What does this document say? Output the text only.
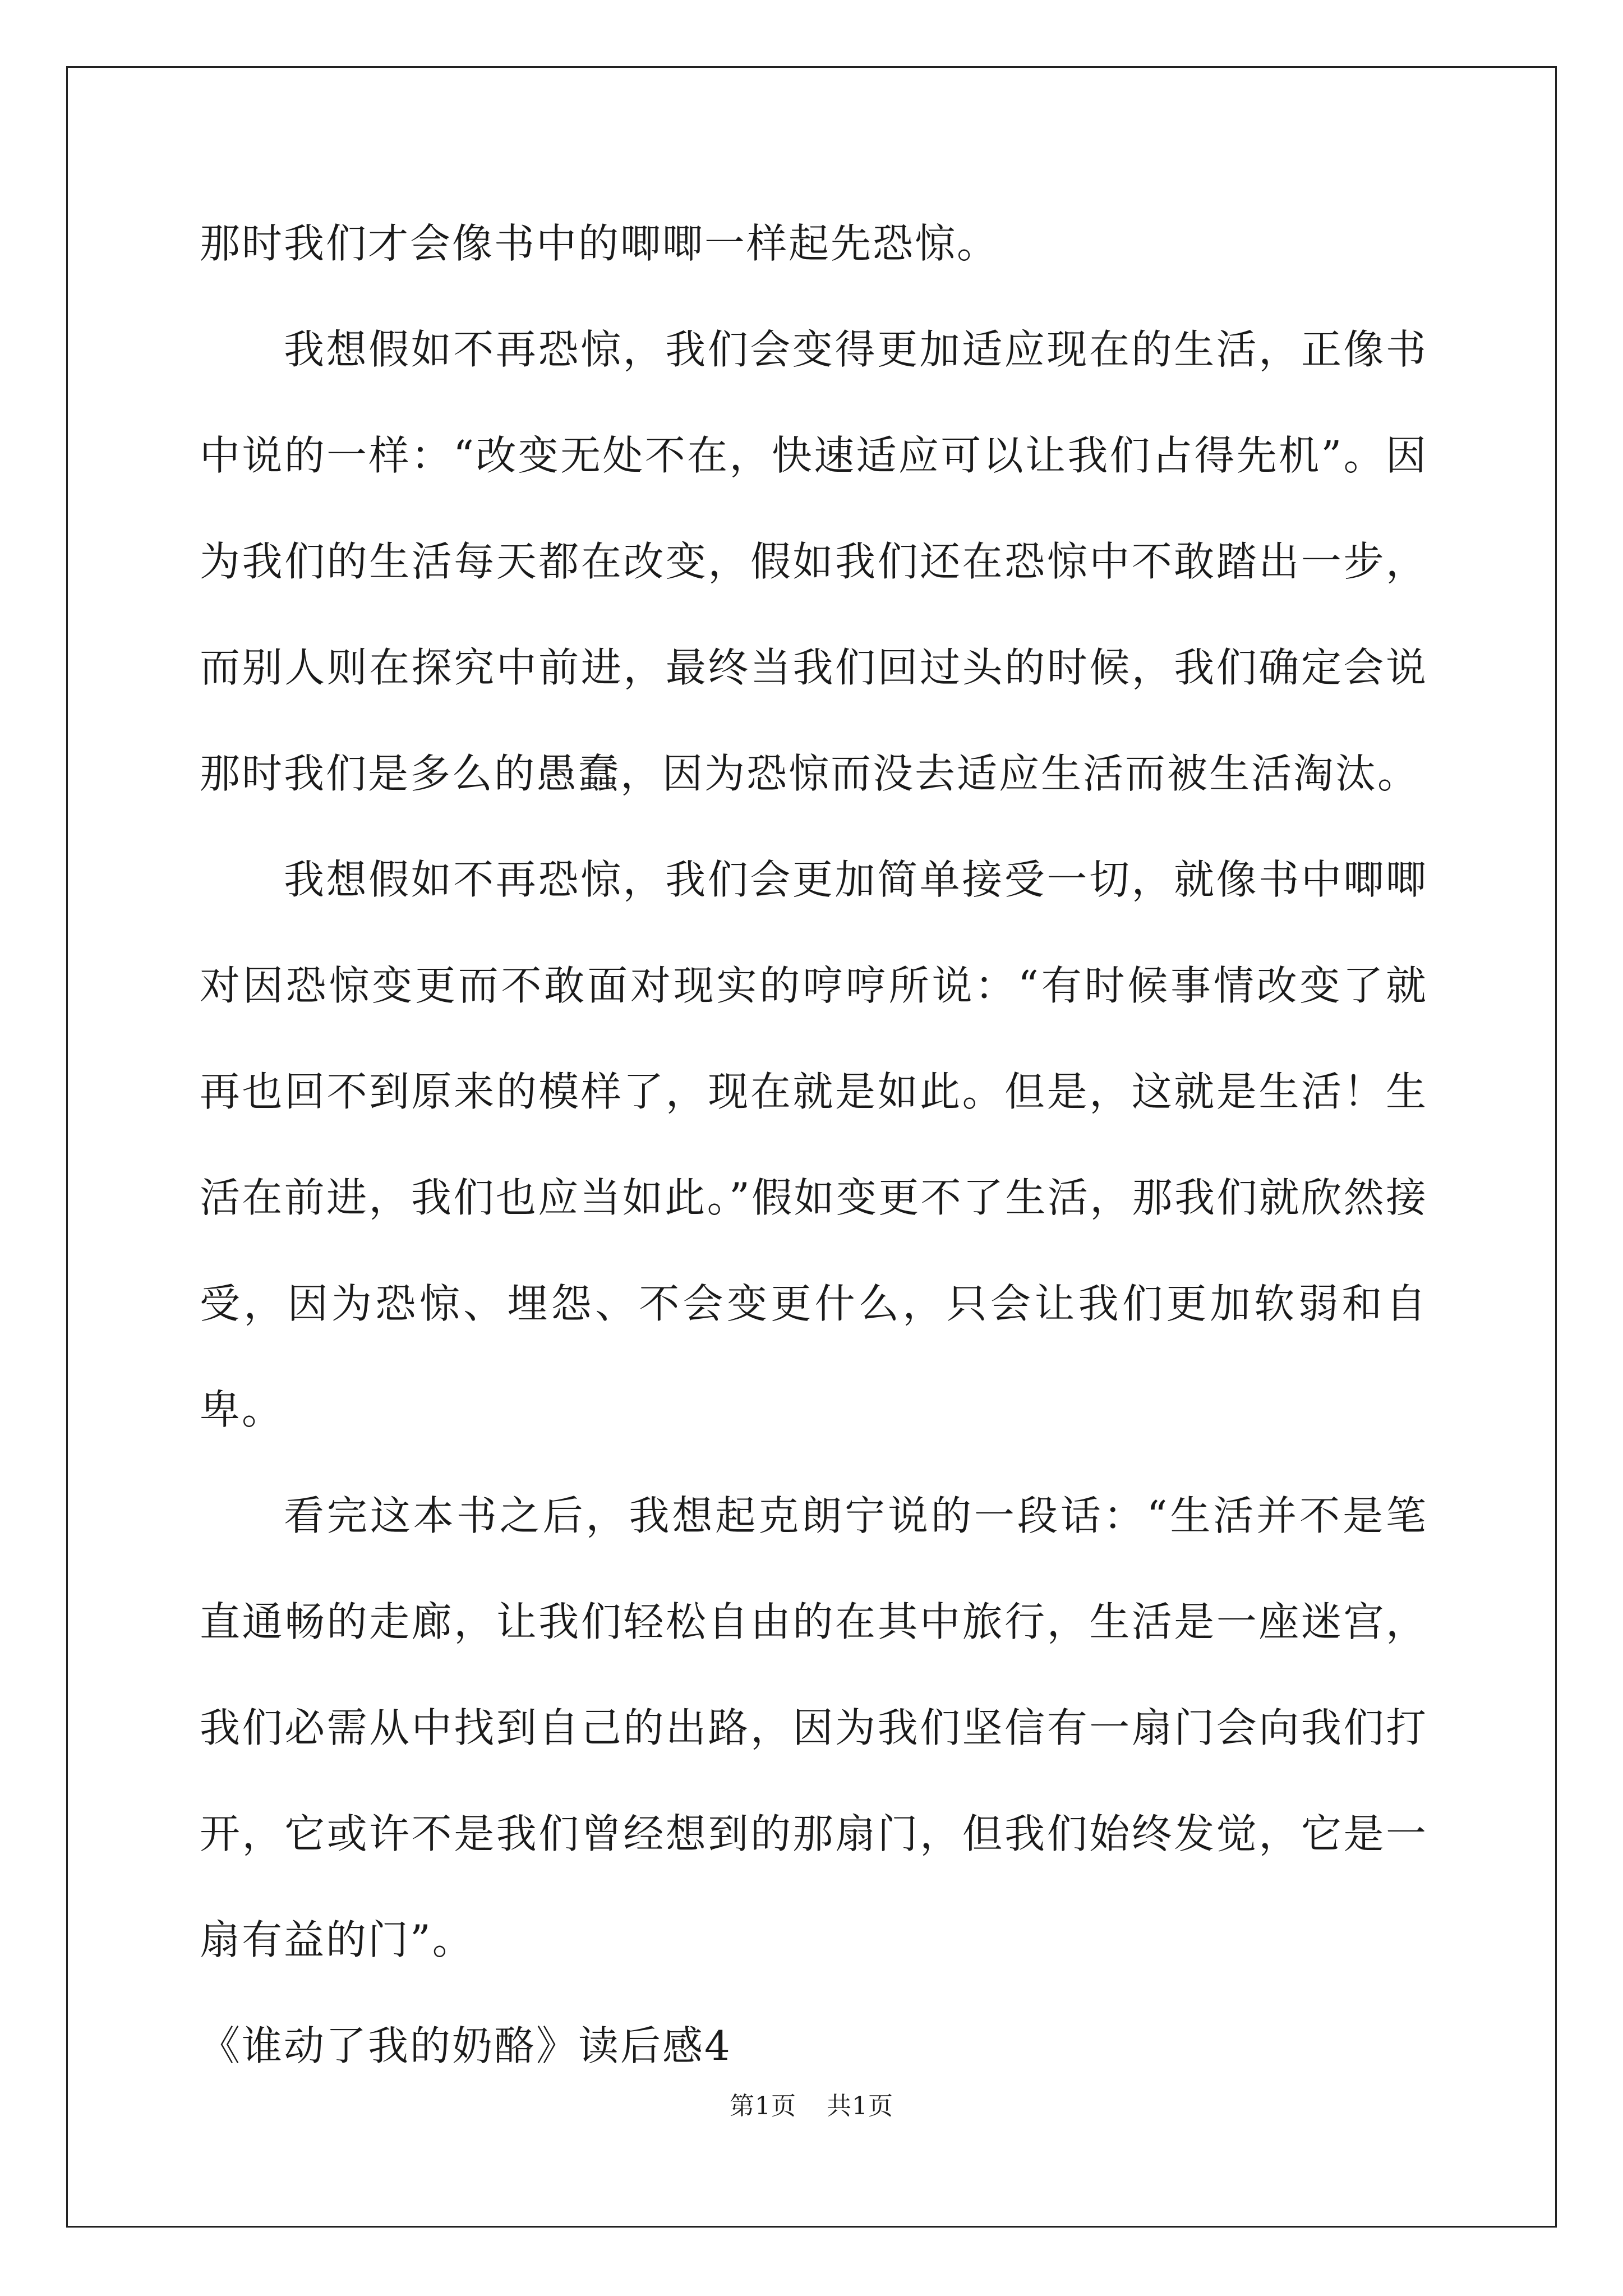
那时我们才会像书中的唧唧一样起先恐惊。

我想假如不再恐惊，我们会变得更加适应现在的生活，正像书中说的一样：“改变无处不在，快速适应可以让我们占得先机”。因为我们的生活每天都在改变，假如我们还在恐惊中不敢踏出一步，而别人则在探究中前进，最终当我们回过头的时候，我们确定会说那时我们是多么的愚蠢，因为恐惊而没去适应生活而被生活淘汰。

我想假如不再恐惊，我们会更加简单接受一切，就像书中唧唧对因恐惊变更而不敢面对现实的哼哼所说：“有时候事情改变了就再也回不到原来的模样了，现在就是如此。但是，这就是生活！生活在前进，我们也应当如此。”假如变更不了生活，那我们就欣然接受，因为恐惊、埋怨、不会变更什么，只会让我们更加软弱和自卑。

看完这本书之后，我想起克朗宁说的一段话：“生活并不是笔直通畅的走廊，让我们轻松自由的在其中旅行，生活是一座迷宫，我们必需从中找到自己的出路，因为我们坚信有一扇门会向我们打开，它或许不是我们曾经想到的那扇门，但我们始终发觉，它是一扇有益的门”。

《谁动了我的奶酪》读后感4

第1页 共1页
